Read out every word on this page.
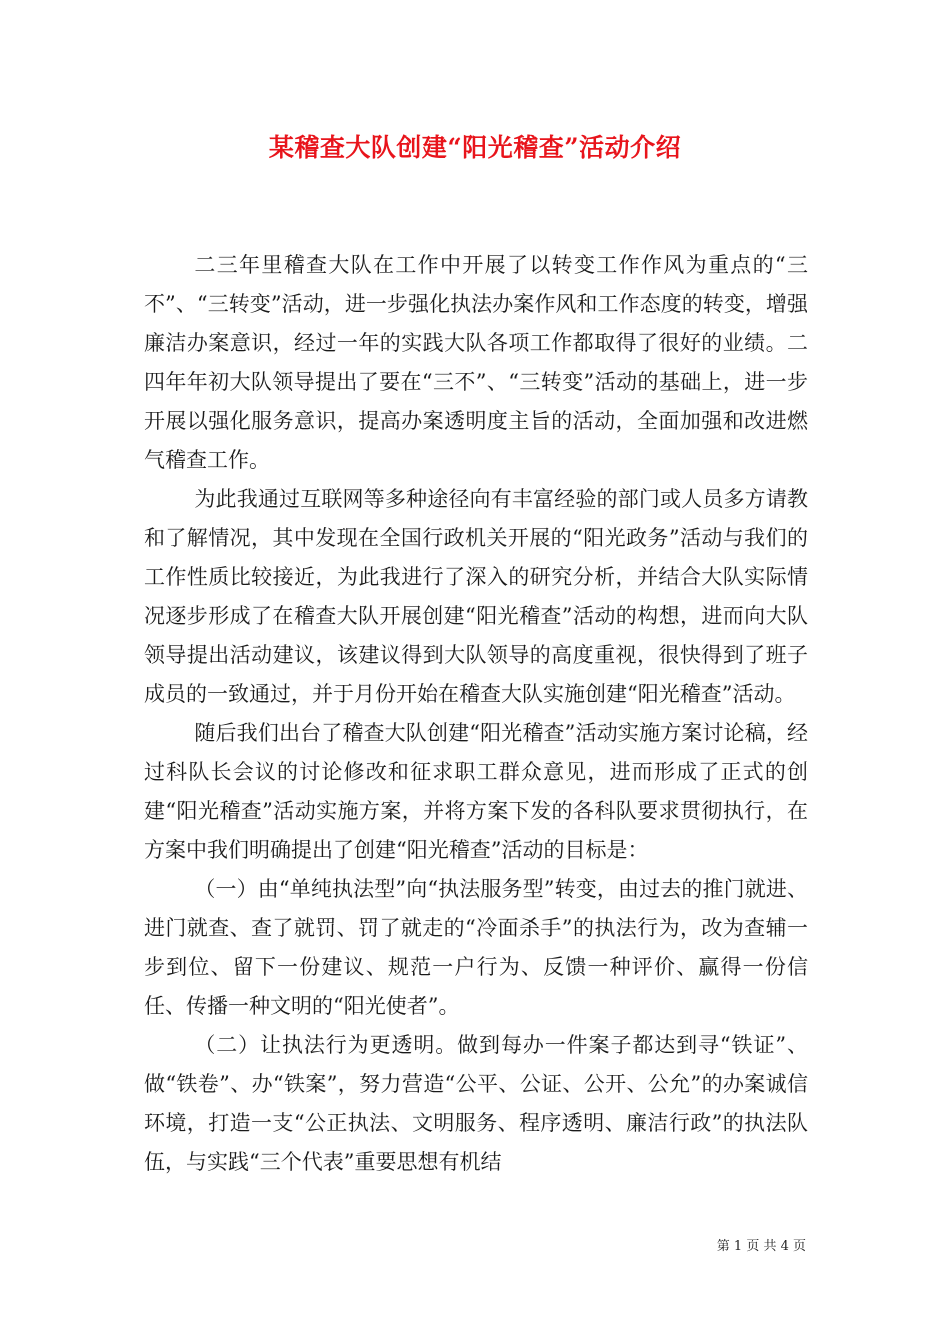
某稽查大队创建“阳光稽查”活动介绍

二三年里稽查大队在工作中开展了以转变工作作风为重点的“三不”、“三转变”活动，进一步强化执法办案作风和工作态度的转变，增强廉洁办案意识，经过一年的实践大队各项工作都取得了很好的业绩。二四年年初大队领导提出了要在“三不”、“三转变”活动的基础上，进一步开展以强化服务意识，提高办案透明度主旨的活动，全面加强和改进燃气稽查工作。

为此我通过互联网等多种途径向有丰富经验的部门或人员多方请教和了解情况，其中发现在全国行政机关开展的“阳光政务”活动与我们的工作性质比较接近，为此我进行了深入的研究分析，并结合大队实际情况逐步形成了在稽查大队开展创建“阳光稽查”活动的构想，进而向大队领导提出活动建议，该建议得到大队领导的高度重视，很快得到了班子成员的一致通过，并于月份开始在稽查大队实施创建“阳光稽查”活动。

随后我们出台了稽查大队创建“阳光稽查”活动实施方案讨论稿，经过科队长会议的讨论修改和征求职工群众意见，进而形成了正式的创建“阳光稽查”活动实施方案，并将方案下发的各科队要求贯彻执行，在方案中我们明确提出了创建“阳光稽查”活动的目标是：

（一）由“单纯执法型”向“执法服务型”转变，由过去的推门就进、进门就查、查了就罚、罚了就走的“冷面杀手”的执法行为，改为查辅一步到位、留下一份建议、规范一户行为、反馈一种评价、赢得一份信任、传播一种文明的“阳光使者”。

（二）让执法行为更透明。做到每办一件案子都达到寻“铁证”、做“铁卷”、办“铁案”，努力营造“公平、公证、公开、公允”的办案诚信环境，打造一支“公正执法、文明服务、程序透明、廉洁行政”的执法队伍，与实践“三个代表”重要思想有机结

第 1 页 共 4 页
